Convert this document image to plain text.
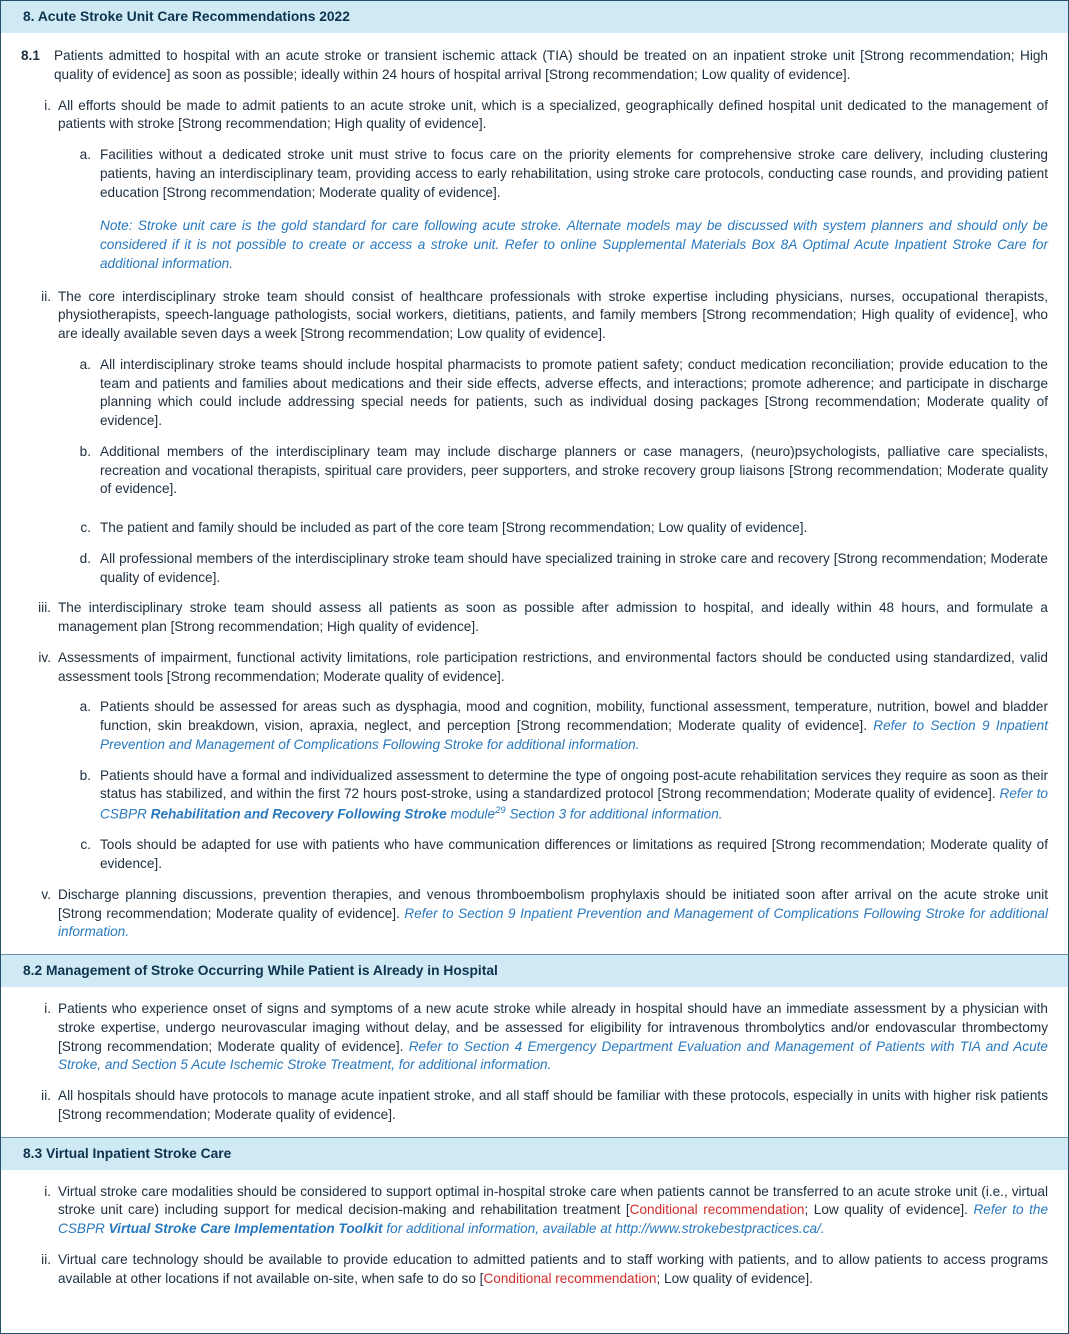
8. Acute Stroke Unit Care Recommendations 2022
8.1	Patients admitted to hospital with an acute stroke or transient ischemic attack (TIA) should be treated on an inpatient stroke unit [Strong recommendation; High quality of evidence] as soon as possible; ideally within 24 hours of hospital arrival [Strong recommendation; Low quality of evidence].
i. All efforts should be made to admit patients to an acute stroke unit, which is a specialized, geographically defined hospital unit dedicated to the management of patients with stroke [Strong recommendation; High quality of evidence].
a. Facilities without a dedicated stroke unit must strive to focus care on the priority elements for comprehensive stroke care delivery, including clustering patients, having an interdisciplinary team, providing access to early rehabilitation, using stroke care protocols, conducting case rounds, and providing patient education [Strong recommendation; Moderate quality of evidence].
Note: Stroke unit care is the gold standard for care following acute stroke. Alternate models may be discussed with system planners and should only be considered if it is not possible to create or access a stroke unit. Refer to online Supplemental Materials Box 8A Optimal Acute Inpatient Stroke Care for additional information.
ii. The core interdisciplinary stroke team should consist of healthcare professionals with stroke expertise including physicians, nurses, occupational therapists, physiotherapists, speech-language pathologists, social workers, dietitians, patients, and family members [Strong recommendation; High quality of evidence], who are ideally available seven days a week [Strong recommendation; Low quality of evidence].
a. All interdisciplinary stroke teams should include hospital pharmacists to promote patient safety; conduct medication reconciliation; provide education to the team and patients and families about medications and their side effects, adverse effects, and interactions; promote adherence; and participate in discharge planning which could include addressing special needs for patients, such as individual dosing packages [Strong recommendation; Moderate quality of evidence].
b. Additional members of the interdisciplinary team may include discharge planners or case managers, (neuro)psychologists, palliative care specialists, recreation and vocational therapists, spiritual care providers, peer supporters, and stroke recovery group liaisons [Strong recommendation; Moderate quality of evidence].
c. The patient and family should be included as part of the core team [Strong recommendation; Low quality of evidence].
d. All professional members of the interdisciplinary stroke team should have specialized training in stroke care and recovery [Strong recommendation; Moderate quality of evidence].
iii. The interdisciplinary stroke team should assess all patients as soon as possible after admission to hospital, and ideally within 48 hours, and formulate a management plan [Strong recommendation; High quality of evidence].
iv. Assessments of impairment, functional activity limitations, role participation restrictions, and environmental factors should be conducted using standardized, valid assessment tools [Strong recommendation; Moderate quality of evidence].
a. Patients should be assessed for areas such as dysphagia, mood and cognition, mobility, functional assessment, temperature, nutrition, bowel and bladder function, skin breakdown, vision, apraxia, neglect, and perception [Strong recommendation; Moderate quality of evidence]. Refer to Section 9 Inpatient Prevention and Management of Complications Following Stroke for additional information.
b. Patients should have a formal and individualized assessment to determine the type of ongoing post-acute rehabilitation services they require as soon as their status has stabilized, and within the first 72 hours post-stroke, using a standardized protocol [Strong recommendation; Moderate quality of evidence]. Refer to CSBPR Rehabilitation and Recovery Following Stroke module$^{29}$ Section 3 for additional information.
c. Tools should be adapted for use with patients who have communication differences or limitations as required [Strong recommendation; Moderate quality of evidence].
v. Discharge planning discussions, prevention therapies, and venous thromboembolism prophylaxis should be initiated soon after arrival on the acute stroke unit [Strong recommendation; Moderate quality of evidence]. Refer to Section 9 Inpatient Prevention and Management of Complications Following Stroke for additional information.
8.2 Management of Stroke Occurring While Patient is Already in Hospital
i. Patients who experience onset of signs and symptoms of a new acute stroke while already in hospital should have an immediate assessment by a physician with stroke expertise, undergo neurovascular imaging without delay, and be assessed for eligibility for intravenous thrombolytics and/or endovascular thrombectomy [Strong recommendation; Moderate quality of evidence]. Refer to Section 4 Emergency Department Evaluation and Management of Patients with TIA and Acute Stroke, and Section 5 Acute Ischemic Stroke Treatment, for additional information.
ii. All hospitals should have protocols to manage acute inpatient stroke, and all staff should be familiar with these protocols, especially in units with higher risk patients [Strong recommendation; Moderate quality of evidence].
8.3 Virtual Inpatient Stroke Care
i. Virtual stroke care modalities should be considered to support optimal in-hospital stroke care when patients cannot be transferred to an acute stroke unit (i.e., virtual stroke unit care) including support for medical decision-making and rehabilitation treatment [Conditional recommendation; Low quality of evidence]. Refer to the CSBPR Virtual Stroke Care Implementation Toolkit for additional information, available at http://www.strokebestpractices.ca/.
ii. Virtual care technology should be available to provide education to admitted patients and to staff working with patients, and to allow patients to access programs available at other locations if not available on-site, when safe to do so [Conditional recommendation; Low quality of evidence].
